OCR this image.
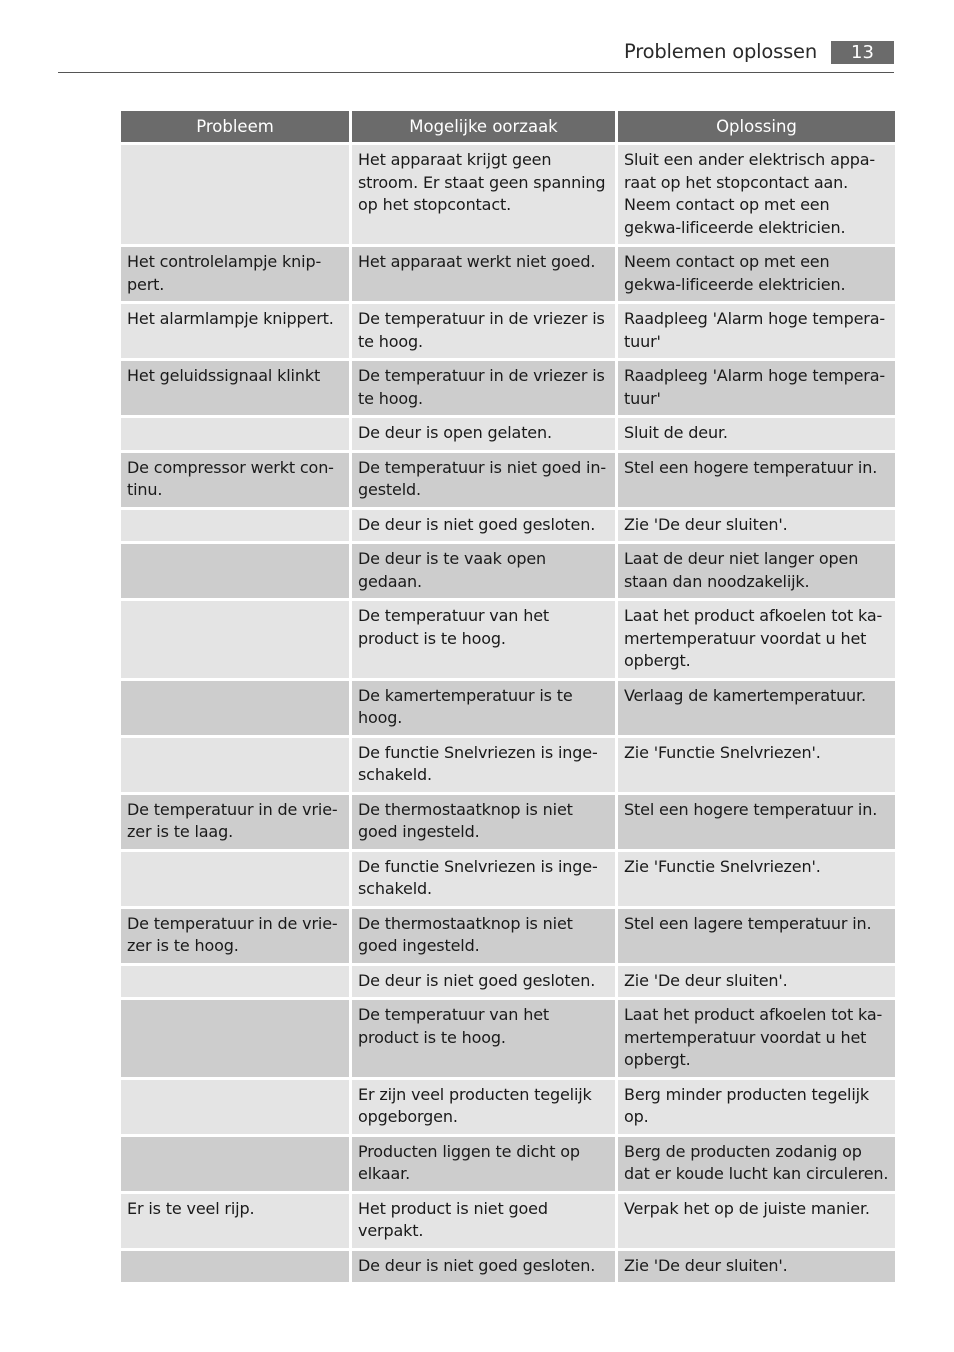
Problemen oplossen	13
Probleem	Mogelijke oorzaak	Oplossing
	Het apparaat krijgt geen stroom. Er staat geen spanning op het stopcontact.	Sluit een ander elektrisch appa-raat op het stopcontact aan. Neem contact op met een gekwa-lificeerde elektricien.
Het controlelampje knip-pert.	Het apparaat werkt niet goed.	Neem contact op met een gekwa-lificeerde elektricien.
Het alarmlampje knippert.	De temperatuur in de vriezer is te hoog.	Raadpleeg 'Alarm hoge tempera-tuur'
Het geluidssignaal klinkt	De temperatuur in de vriezer is te hoog.	Raadpleeg 'Alarm hoge tempera-tuur'
	De deur is open gelaten.	Sluit de deur.
De compressor werkt con-tinu.	De temperatuur is niet goed in-gesteld.	Stel een hogere temperatuur in.
	De deur is niet goed gesloten.	Zie 'De deur sluiten'.
	De deur is te vaak open gedaan.	Laat de deur niet langer open staan dan noodzakelijk.
	De temperatuur van het product is te hoog.	Laat het product afkoelen tot ka-mertemperatuur voordat u het opbergt.
	De kamertemperatuur is te hoog.	Verlaag de kamertemperatuur.
	De functie Snelvriezen is inge-schakeld.	Zie 'Functie Snelvriezen'.
De temperatuur in de vrie-zer is te laag.	De thermostaatknop is niet goed ingesteld.	Stel een hogere temperatuur in.
	De functie Snelvriezen is inge-schakeld.	Zie 'Functie Snelvriezen'.
De temperatuur in de vrie-zer is te hoog.	De thermostaatknop is niet goed ingesteld.	Stel een lagere temperatuur in.
	De deur is niet goed gesloten.	Zie 'De deur sluiten'.
	De temperatuur van het product is te hoog.	Laat het product afkoelen tot ka-mertemperatuur voordat u het opbergt.
	Er zijn veel producten tegelijk opgeborgen.	Berg minder producten tegelijk op.
	Producten liggen te dicht op elkaar.	Berg de producten zodanig op dat er koude lucht kan circuleren.
Er is te veel rijp.	Het product is niet goed verpakt.	Verpak het op de juiste manier.
	De deur is niet goed gesloten.	Zie 'De deur sluiten'.
